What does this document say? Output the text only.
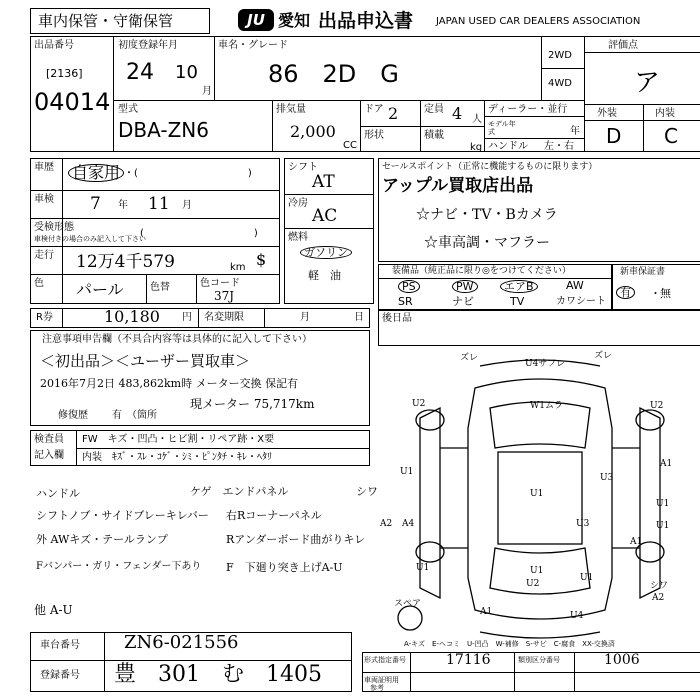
車内保管・守衛保管	JU 愛知 出品申込書 JAPAN USED CAR DEALERS ASSOCIATION
出品番号
[2136]
04014
初度登録年月
24 10
月
車名・グレード
86　2D　G
2WD
4WD
評価点
ア
外装	内装
D C
型式
DBA-ZN6
排気量
2,000
CC
ドア 2	定員 4 人
形状	積載
kg
ディーラー・並行
モデル年式	年
ハンドル 左・右
車歴 自家用 ・(　　　　　　　　　　　)
車検 7 年 11 月
受検形態
車検付きの場合のみ記入して下さい
(　　　　　　　　　　　)
走行 12万4千579	km $
色 パール	色替	色コード
37J
シフト
AT
冷房
AC
燃料
ガソリン
軽　油
セールスポイント（正常に機能するものに限ります）
アップル買取店出品
☆ナビ・TV・Bカメラ
☆車高調・マフラー
装備品（純正品に限り◎をつけてください）
PS	PW	エアB	AW
SR	ナビ	TV	カワシート
新車保証書
有	・ 無
R券	10,180 円 名変期限	月	日 後日品
注意事項申告欄（不具合内容等は具体的に記入して下さい）
＜初出品＞＜ユーザー買取車＞
2016年7月2日 483,862km時 メーター交換 保記有
現メーター 75,717km
修復歴 有　（箇所
検査員
記入欄
FW　キズ・凹凸・ヒビ割・リペア跡・X要
内装　ｷｽﾞ・ｽﾚ・ｺｹﾞ・ｼﾐ・ﾋﾟﾝﾀﾁ・ｷﾚ・ﾍﾀﾘ
ハンドル
シフトノブ・サイドブレーキレバー
外 AWキズ・テールランプ
Fバンパー・ガリ・フェンダー下あり
ケゲ　エンドパネル
右Rコーナーパネル
Rアンダーボード曲がりキレ
F　下廻り突き上げA-U
シワ
他 A-U
ズレ
U4サフレ
ズレ
U2	W1ムラ	U2
A1
U1
U1
U3
A2 A4
U1
U1
A1
U3
シワ
U1	U1
U1
U2
A2
A1	U4
スペア
A-キズ　E-ヘコミ　U-凹凸　W-補修　S-サビ　C-腐食　XX-交換済
車台番号 ZN6-021556
登録番号 豊　301　む　1405
形式指定番号	17116	類別区分番号	1006
車両証明用
参考
